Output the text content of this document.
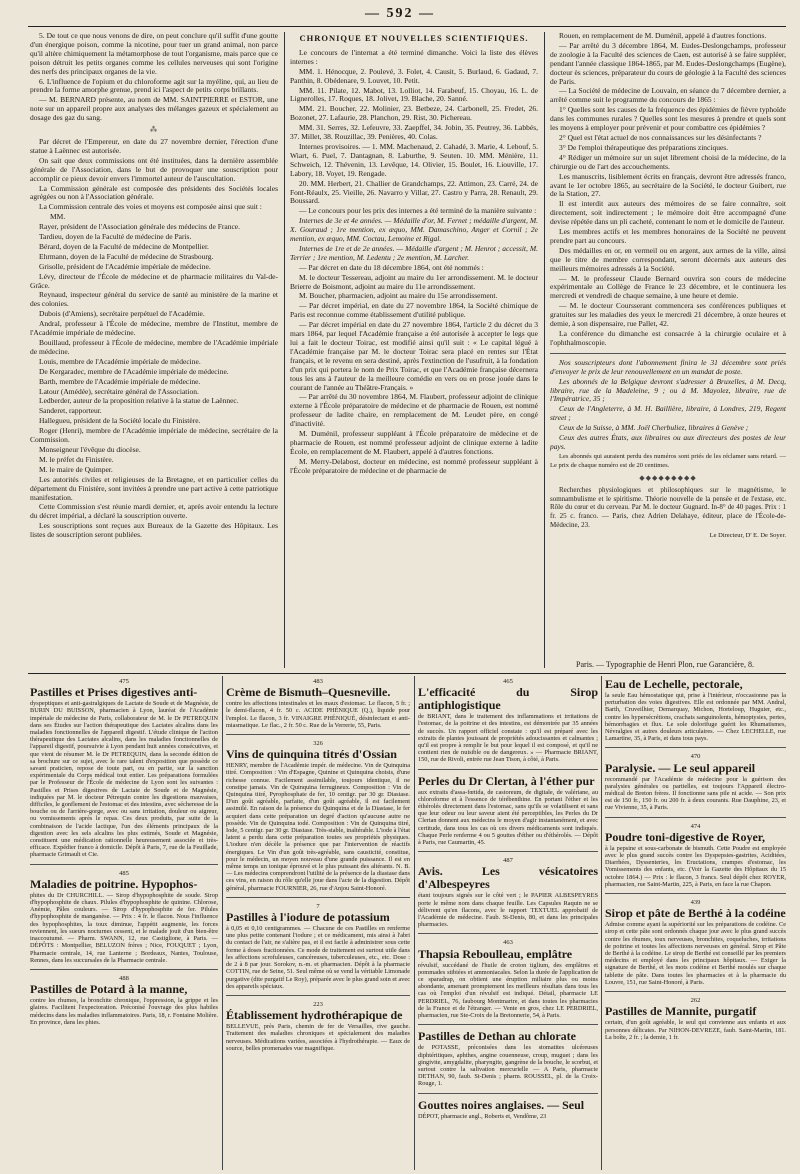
— 592 —

5. De tout ce que nous venons de dire, on peut conclure qu'il suffit d'une goutte d'un énergique poison, comme la nicotine, pour tuer un grand animal, non parce qu'il altère chimiquement la métamorphose de tout l'organisme, mais parce que ce poison détruit les petits organes comme les cellules nerveuses qui sont l'origine des nerfs des principaux organes de la vie.

6. L'influence de l'opium et du chloroforme agit sur la myéline, qui, au lieu de prendre la forme amorphe grenue, prend ici l'aspect de petits corps brillants.

— M. BERNARD présente, au nom de MM. SAINTPIERRE et ESTOR, une note sur un appareil propre aux analyses des mélanges gazeux et spécialement au dosage des gaz du sang.

⁂

Par décret de l'Empereur, en date du 27 novembre dernier, l'érection d'une statue à Laënnec est autorisée.

On sait que deux commissions ont été instituées, dans la dernière assemblée générale de l'Association, dans le but de provoquer une souscription pour accomplir ce pieux devoir envers l'immortel auteur de l'auscultation.

La Commission générale est composée des présidents des Sociétés locales agrégées ou non à l'Association générale.

La Commission centrale des voies et moyens est composée ainsi que suit :

MM.

Rayer, président de l'Association générale des médecins de France.

Tardieu, doyen de la Faculté de médecine de Paris.

Bérard, doyen de la Faculté de médecine de Montpellier.

Ehrmann, doyen de la Faculté de médecine de Strasbourg.

Grisolle, président de l'Académie impériale de médecine.

Lévy, directeur de l'École de médecine et de pharmacie militaires du Val-de-Grâce.

Reynaud, inspecteur général du service de santé au ministère de la marine et des colonies.

Dubois (d'Amiens), secrétaire perpétuel de l'Académie.

Andral, professeur à l'École de médecine, membre de l'Institut, membre de l'Académie impériale de médecine.

Bouillaud, professeur à l'École de médecine, membre de l'Académie impériale de médecine.

Louis, membre de l'Académie impériale de médecine.

De Kergaradec, membre de l'Académie impériale de médecine.

Barth, membre de l'Académie impériale de médecine.

Latour (Amédée), secrétaire général de l'Association.

Ledberder, auteur de la proposition relative à la statue de Laënnec.

Sanderet, rapporteur.

Hallegueu, président de la Société locale du Finistère.

Roger (Henri), membre de l'Académie impériale de médecine, secrétaire de la Commission.

Monseigneur l'évêque du diocèse.

M. le préfet du Finistère.

M. le maire de Quimper.

Les autorités civiles et religieuses de la Bretagne, et en particulier celles du département du Finistère, sont invitées à prendre une part active à cette patriotique manifestation.

Cette Commission s'est réunie mardi dernier, et, après avoir entendu la lecture du décret impérial, a déclaré la souscription ouverte.

Les souscriptions sont reçues aux Bureaux de la Gazette des Hôpitaux. Les listes de souscription seront publiées.

CHRONIQUE ET NOUVELLES SCIENTIFIQUES.

Le concours de l'internat a été terminé dimanche. Voici la liste des élèves internes :

MM. 1. Hénocque, 2. Poulevé, 3. Folet, 4. Causit, 5. Burlaud, 6. Gadaud, 7. Panthin, 8. Obédenare, 9. Louvet, 10. Petit.

MM. 11. Pilate, 12. Mabot, 13. Lolliot, 14. Farabeuf, 15. Choyau, 16. L. de Lignerolles, 17. Roques, 18. Jolivet, 19. Blache, 20. Sanné.

MM. 21. Boucher, 22. Molinier, 23. Betbeze, 24. Carbonell, 25. Fredet, 26. Bozonet, 27. Lafaurie, 28. Planchon, 29. Rist, 30. Pichereau.

MM. 31. Serres, 32. Lefeuvre, 33. Zaepffel, 34. Jobin, 35. Peutrey, 36. Labbés, 37. Millet, 38. Rouzillac, 39. Penières, 40. Colas.

Internes provisoires. — 1. MM. Machenaud, 2. Cahadé, 3. Marie, 4. Lebouf, 5. Wiart, 6. Puel, 7. Dantagnan, 8. Laburthe, 9. Seuten. 10. MM. Ménière, 11. Schweich, 12. Thévenin, 13. Levêque, 14. Olivier, 15. Boulet, 16. Liouville, 17. Labory, 18. Voyet, 19. Rengade.

20. MM. Herbert, 21. Challier de Grandchamps, 22. Attimon, 23. Carré, 24. de Font-Réaulx, 25. Vieille, 26. Navarro y Villar, 27. Castro y Parra, 28. Renault, 29. Boussard.

— Le concours pour les prix des internes a été terminé de la manière suivante :

Internes de 3e et 4e années. — Médaille d'or, M. Fernet ; médaille d'argent, M. X. Gouraud ; 1re mention, ex æquo, MM. Damaschino, Anger et Cornil ; 2e mention, ex æquo, MM. Coctau, Lemoine et Rigal.

Internes de 1re et de 2e années. — Médaille d'argent ; M. Henrot ; accessit, M. Terrier ; 1re mention, M. Ledentu ; 2e mention, M. Larcher.

— Par décret en date du 18 décembre 1864, ont été nommés :

M. le docteur Tessereau, adjoint au maire du 1er arrondissement. M. le docteur Brierre de Boismont, adjoint au maire du 11e arrondissement.

M. Boucher, pharmacien, adjoint au maire du 15e arrondissement.

— Par décret impérial, en date du 27 novembre 1864, la Société chimique de Paris est reconnue comme établissement d'utilité publique.

— Par décret impérial en date du 27 novembre 1864, l'article 2 du décret du 3 mars 1864, par lequel l'Académie française a été autorisée à accepter le legs que lui a fait le docteur Toirac, est modifié ainsi qu'il suit : « Le capital légué à l'Académie française par M. le docteur Toirac sera placé en rentes sur l'État français, et le revenu en sera destiné, après l'extinction de l'usufruit, à la fondation d'un prix qui portera le nom de Prix Toirac, et que l'Académie française décernera tous les ans à l'auteur de la meilleure comédie en vers ou en prose jouée dans le courant de l'année au Théâtre-Français. »

— Par arrêté du 30 novembre 1864, M. Flaubert, professeur adjoint de clinique externe à l'École préparatoire de médecine et de pharmacie de Rouen, est nommé professeur de ladite chaire, en remplacement de M. Leudet père, en congé d'inactivité.

M. Duménil, professeur suppléant à l'École préparatoire de médecine et de pharmacie de Rouen, est nommé professeur adjoint de clinique externe à ladite École, en remplacement de M. Flaubert, appelé à d'autres fonctions.

M. Merry-Delabost, docteur en médecine, est nommé professeur suppléant à l'École préparatoire de médecine et de pharmacie de

Rouen, en remplacement de M. Duménil, appelé à d'autres fonctions.

— Par arrêté du 3 décembre 1864, M. Eudes-Deslongchamps, professeur de zoologie à la Faculté des sciences de Caen, est autorisé à se faire suppléer, pendant l'année classique 1864-1865, par M. Eudes-Deslongchamps (Eugène), docteur ès sciences, préparateur du cours de géologie à la Faculté des sciences de Paris.

— La Société de médecine de Louvain, en séance du 7 décembre dernier, a arrêté comme suit le programme du concours de 1865 :

1° Quelles sont les causes de la fréquence des épidémies de fièvre typhoïde dans les communes rurales ? Quelles sont les mesures à prendre et quels sont les moyens à employer pour prévenir et pour combattre ces épidémies ?

2° Quel est l'état actuel de nos connaissances sur les désinfectants ?

3° De l'emploi thérapeutique des préparations zinciques.

4° Rédiger un mémoire sur un sujet librement choisi de la médecine, de la chirurgie ou de l'art des accouchements.

Les manuscrits, lisiblement écrits en français, devront être adressés franco, avant le 1er octobre 1865, au secrétaire de la Société, le docteur Guibert, rue de la Station, 27.

Il est interdit aux auteurs des mémoires de se faire connaître, soit directement, soit indirectement ; le mémoire doit être accompagné d'une devise répétée dans un pli cacheté, contenant le nom et le domicile de l'auteur.

Les membres actifs et les membres honoraires de la Société ne peuvent prendre part au concours.

Des médailles en or, en vermeil ou en argent, aux armes de la ville, ainsi que le titre de membre correspondant, seront décernés aux auteurs des meilleurs mémoires adressés à la Société.

— M. le professeur Claude Bernard ouvrira son cours de médecine expérimentale au Collège de France le 23 décembre, et le continuera les mercredi et vendredi de chaque semaine, à une heure et demie.

— M. le docteur Coursserant commencera ses conférences publiques et gratuites sur les maladies des yeux le mercredi 21 décembre, à onze heures et demie, à son dispensaire, rue Pallet, 42.

La conférence du dimanche est consacrée à la chirurgie oculaire et à l'ophthalmoscopie.

Nos souscripteurs dont l'abonnement finira le 31 décembre sont priés d'envoyer le prix de leur renouvellement en un mandat de poste.

Les abonnés de la Belgique devront s'adresser à Bruxelles, à M. Decq, libraire, rue de la Madeleine, 9 ; ou à M. Mayolez, libraire, rue de l'Impératrice, 35 ;

Ceux de l'Angleterre, à M. H. Baillière, libraire, à Londres, 219, Regent street ;

Ceux de la Suisse, à MM. Joël Cherbuliez, libraires à Genève ;

Ceux des autres États, aux libraires ou aux directeurs des postes de leur pays.

Les abonnés qui auraient perdu des numéros sont priés de les réclamer sans retard. — Le prix de chaque numéro est de 20 centimes.

◆◆◆◆◆◆◆◆◆

Recherches physiologiques et philosophiques sur le magnétisme, le somnambulisme et le spiritisme. Théorie nouvelle de la pensée et de l'extase, etc. Rôle du cœur et du cerveau. Par M. le docteur Gugnard. In-8° de 40 pages. Prix : 1 fr. 25 c. franco. — Paris, chez Adrien Delahaye, éditeur, place de l'École-de-Médecine, 23.

Le Directeur, D' E. De Soyer.
Paris. — Typographie de Henri Plon, rue Garancière, 8.
475
Pastilles et Prises digestives anti-

dyspeptiques et anti-gastralgiques de Lactate de Soude et de Magnésie, de BURIN DU BUISSON, pharmacien à Lyon, lauréat de l'Académie impériale de médecine de Paris, collaborateur de M. le Dr PETREQUIN dans ses Études sur l'action thérapeutique des Lactates alcalins dans les maladies fonctionnelles de l'appareil digestif. L'étude clinique de l'action thérapeutique des Lactates alcalins, dans les maladies fonctionnelles de l'appareil digestif, poursuivie à Lyon pendant huit années consécutives, et que vient de résumer M. le Dr PETREQUIN, dans la seconde édition de sa brochure sur ce sujet, avec le rare talent d'exposition que possède ce savant praticien, repose de toute part, ou en partie, sur la sanction expérimentale du Corps médical tout entier. Les préparations formulées par le Professeur de l'École de médecine de Lyon sont les suivantes : Pastilles et Prises digestives de Lactate de Soude et de Magnésie, indiquées par M. le docteur Pétrequin contre les digestions mauvaises, difficiles, le gonflement de l'estomac et des intestins, avec sécheresse de la bouche ou de l'arrière-gorge, avec ou sans irritation, douleur ou aigreur, ou vomissements après le repas. Ces deux produits, par suite de la combinaison de l'acide lactique, l'un des éléments principaux de la digestion avec les sels alcalins les plus estimés, Soude et Magnésie, constituent une médication rationnelle heureusement associée et très-efficace. Expédier franco à domicile. Dépôt à Paris, 7, rue de la Feuillade, pharmacie Grimault et Cie.

485
Maladies de poitrine. Hypophos-

phites du Dr CHURCHILL. — Sirop d'hypophosphite de soude. Sirop d'hypophosphite de chaux. Pilules d'hypophosphite de quinine. Chlorose, Anémie, Pâles couleurs. — Sirop d'hypophosphite de fer. Pilules d'hypophosphite de manganèse. — Prix : 4 fr. le flacon. Nous l'influence des hypophosphites, la toux diminue, l'appétit augmente, les forces reviennent, les sueurs nocturnes cessent, et le malade jouit d'un bien-être inaccoutumé. — Pharm. SWANN, 12, rue Castiglione, à Paris. — DÉPÔTS : Montpellier, BELUZON frères ; Nice, FOUQUET ; Lyon, Pharmacie centrale, 14, rue Lanterne ; Bordeaux, Nantes, Toulouse, Rennes, dans les succursales de la Pharmacie centrale.

488
Pastilles de Potard à la manne,

contre les rhumes, la bronchite chronique, l'oppression, la grippe et les glaires. Facilitent l'expectoration. Préconisé l'ouvrage des plus habiles médecins dans les maladies inflammatoires. Paris, 18, r. Fontaine Molière. En province, dans les phies.

483
Crème de Bismuth–Quesneville.

contre les affections intestinales et les maux d'estomac. Le flacon, 5 fr. ; le demi-flacon, 4 fr. 50 c. ACIDE PHÉNIQUE (Q.), liquide pour l'emploi. Le flacon, 3 fr. VINAIGRE PHÉNIQUÉ, désinfectant et anti-miasmatique. Le flac., 2 fr. 50 c. Rue de la Verrerie, 55, Paris.

326
Vins de quinquina titrés d'Ossian

HENRY, membre de l'Académie impér. de médecine. Vin de Quinquina titré. Composition : Vin d'Espagne, Quinine et Quinquina choisis, d'une richesse connue. Facilement assimilable, toujours identique, il ne constipe jamais. Vin de Quinquina ferrugineux. Composition : Vin de Quinquina titré, Pyrophosphate de fer, 10 centigr. par 30 gr. Diastase. D'un goût agréable, parfaite, d'un goût agréable, il est facilement assimilé. En raison de la présence du Quinquina et de la Diastase, le fer acquiert dans cette préparation un degré d'action qu'aucune autre ne possède. Vin de Quinquina iodé. Composition : Vin de Quinquina titré, Iode, 5 centigr. par 30 gr. Diastase. Très-stable, inaltérable. L'iode à l'état latent a perdu dans cette préparation toutes ses propriétés physiques. L'iodure n'en décèle la présence que par l'intervention de réactifs énergiques. Le Vin d'un goût très-agréable, sans causticité, constitue, pour le médecin, un moyen nouveau d'une grande puissance. Il est en même temps un tonique éprouvé et le plus puissant des altérants. N. B. — Les médecins comprendront l'utilité de la présence de la diastase dans ces vins, en raison du rôle qu'elle joue dans l'acte de la digestion. Dépôt général, pharmacie FOURNIER, 26, rue d'Anjou Saint-Honoré.

7
Pastilles à l'iodure de potassium

à 0,05 et 0,10 centigrammes. — Chacune de ces Pastilles en renferme une plus petite contenant l'iodure ; et ce médicament, mis ainsi à l'abri du contact de l'air, ne s'altère pas, et il est facile à administrer sous cette forme à doses fractionnées. Ce mode de traitement est surtout utile dans les affections scrofuleuses, cancéreuses, tuberculeuses, etc., etc. Dose : de 2 à 8 par jour. Sorokov, n.-m. et pharmacien. Dépôt à la pharmacie COTTIN, rue de Seine, 51. Seul même où se vend la véritable Limonade purgative (dite purgatif Le Roy), préparée avec le plus grand soin et avec des appareils spéciaux.

223
Établissement hydrothérapique de

BELLEVUE, près Paris, chemin de fer de Versailles, rive gauche. Traitement des maladies chroniques et spécialement des maladies nerveuses. Médications variées, associées à l'hydrothérapie. — Eaux de source, belles promenades vue magnifique.

465
L'efficacité du Sirop antiphlogistique

de BRIANT, dans le traitement des inflammations et irritations de l'estomac, de la poitrine et des intestins, est démontrée par 35 années de succès. Un rapport officiel constate : qu'il est préparé avec les extraits de plantes jouissant de propriétés adoucissantes et calmantes ; qu'il est propre à remplir le but pour lequel il est composé, et qu'il ne contient rien de nuisible ou de dangereux. » — Pharmacie BRIANT, 150, rue de Rivoli, entrée rue Jean Tison, à côté, à Paris.

Perles du Dr Clertan, à l'éther pur

aux extraits d'assa-fœtida, de castoreum, de digitale, de valériane, au chloroforme et à l'essence de térébenthine. En portant l'éther et les éthérolés directement dans l'estomac, sans qu'ils se volatilisent et sans que leur odeur ou leur saveur aient été perceptibles, les Perles du Dr Clertan donnent aux médecins le moyen d'agir instantanément, et avec certitude, dans tous les cas où ces divers médicaments sont indiqués. Chaque Perle renferme 4 ou 5 gouttes d'éther ou d'éthérolés. — Dépôt à Paris, rue Caumartin, 45.

487
Avis. Les vésicatoires d'Albespeyres

étant toujours signés sur le côté vert ; le PAPIER ALBESPEYRES porte le même nom dans chaque feuille. Les Capsules Raquin ne se délivrent qu'en flacons, avec le rapport TEXTUEL approbatif de l'Académie de médecine. Faub. St-Denis, 80, et dans les principales pharmacies.

463
Thapsia Reboulleau, emplâtre

révulsif, succédané de l'huile de croton tiglium, des emplâtres et pommades stibiées et ammoniacales. Selon la durée de l'application de ce sparadrap, on obtient une éruption miliaire plus ou moins abondante, amenant promptement les meilleurs résultats dans tous les cas où l'emploi d'un révulsif est indiqué. Détail, pharmacie LE PERDRIEL, 76, faubourg Montmartre, et dans toutes les pharmacies de la France et de l'étranger. — Vente en gros, chez LE PERDRIEL, pharmacien, rue Ste-Croix de la Bretonnerie, 54, à Paris.

Pastilles de Dethan au chlorate

de POTASSE, préconisées dans les stomatites ulcéreuses diphtéritiques, aphthes, angine couenneuse, croup, muguet ; dans les gingivite, amygdalite, pharyngite, gangrène de la bouche, le scorbut, et surtout contre la salivation mercurielle — A Paris, pharmacie DETHAN, 90, faub. St-Denis ; pharm. ROUSSEL, pl. de la Croix-Rouge, 1.

Gouttes noires anglaises. — Seul

DÉPOT, pharmacie angl., Roberts et, Vendôme, 23

Eau de Lechelle, pectorale,

la seule Eau hémostatique qui, prise à l'intérieur, n'occasionne pas la perturbation des voies digestives. Elle est ordonnée par MM. Andral, Barth, Cruveilhier, Demarquay, Michon, Horteloup, Huguier, etc., contre les hypersécrétions, crachats sanguinolents, hémoptysies, pertes, hémorrhagies et flux. Le sole dolorifuge guérit les Rhumatismes, Névralgies et autres douleurs articulaires. — Chez LECHELLE, rue Lamartine, 35, à Paris, et dans tous pays.

470
Paralysie. — Le seul appareil

recommandé par l'Académie de médecine pour la guérison des paralysies générales ou partielles, est toujours l'Appareil électro-médical de Breton frères. Il fonctionne sans pile ni acide. — Son prix est de 150 fr., 150 fr. ou 200 fr. à deux courants. Rue Dauphine, 23, et rue Vivienne, 35, à Paris.

474
Poudre toni-digestive de Royer,

à la pepsine et sous-carbonate de bismuth. Cette Poudre est employée avec le plus grand succès contre les Dyspepsies-gastrites, Aciditées, Diarrhées, Dyssenteries, les Eructations, crampes d'estomac, les Vomissements des enfants, etc. (Voir la Gazette des Hôpitaux du 15 octobre 1864.) — Prix : le flacon, 3 francs. Seul dépôt chez ROYER, pharmacien, rue Saint-Martin, 225, à Paris, en face la rue Chapon.

439
Sirop et pâte de Berthé à la codéine

Admise comme ayant la supériorité sur les préparations de codéine. Ce sirop et cette pâte sont ordonnés chaque jour avec le plus grand succès contre les rhumes, toux nerveuses, bronchites, coqueluches, irritations de poitrine et toutes les affections nerveuses en général. Sirop et Pâte de Berthé à la codéine. Le sirop de Berthé est conseillé par les premiers médecins et employé dans les principaux hôpitaux. — Exiger la signature de Berthé, et les mots codéine et Berthé moulés sur chaque tablette de pâte. Dans toutes les pharmacies et à la pharmacie du Louvre, 151, rue Saint-Honoré, à Paris.

262
Pastilles de Mannite, purgatif

certain, d'un goût agréable, le seul qui convienne aux enfants et aux personnes délicates. Par NIHON-DEVREZE, faub. Saint-Martin, 181. La boîte, 2 fr. ; la demie, 1 fr.
